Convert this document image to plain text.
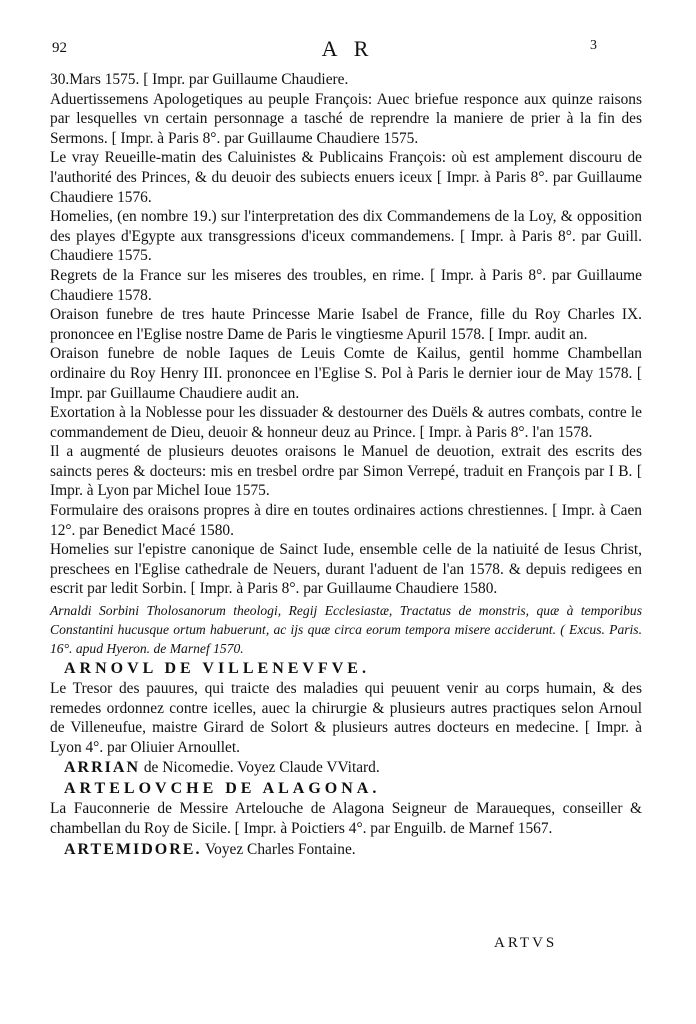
92	A R	3

30.Mars 1575. [ Impr. par Guillaume Chaudiere.

Aduertissemens Apologetiques au peuple François: Auec briefue responce aux quinze raisons par lesquelles vn certain personnage a tasché de reprendre la maniere de prier à la fin des Sermons. [ Impr. à Paris 8°. par Guillaume Chaudiere 1575.

Le vray Reueille-matin des Caluinistes & Publicains François: où est amplement discouru de l'authorité des Princes, & du deuoir des subiects enuers iceux [ Impr. à Paris 8°. par Guillaume Chaudiere 1576.

Homelies, (en nombre 19.) sur l'interpretation des dix Commandemens de la Loy, & opposition des playes d'Egypte aux transgressions d'iceux commandemens. [ Impr. à Paris 8°. par Guill. Chaudiere 1575.

Regrets de la France sur les miseres des troubles, en rime. [ Impr. à Paris 8°. par Guillaume Chaudiere 1578.

Oraison funebre de tres haute Princesse Marie Isabel de France, fille du Roy Charles IX. prononcee en l'Eglise nostre Dame de Paris le vingtiesme Apuril 1578. [ Impr. audit an.

Oraison funebre de noble Iaques de Leuis Comte de Kailus, gentil homme Chambellan ordinaire du Roy Henry III. prononcee en l'Eglise S. Pol à Paris le dernier iour de May 1578. [ Impr. par Guillaume Chaudiere audit an.

Exortation à la Noblesse pour les dissuader & destourner des Duëls & autres combats, contre le commandement de Dieu, deuoir & honneur deuz au Prince. [ Impr. à Paris 8°. l'an 1578.

Il a augmenté de plusieurs deuotes oraisons le Manuel de deuotion, extrait des escrits des saincts peres & docteurs: mis en tresbel ordre par Simon Verrepé, traduit en François par I B. [ Impr. à Lyon par Michel Ioue 1575.

Formulaire des oraisons propres à dire en toutes ordinaires actions chrestiennes. [ Impr. à Caen 12°. par Benedict Macé 1580.

Homelies sur l'epistre canonique de Sainct Iude, ensemble celle de la natiuité de Iesus Christ, preschees en l'Eglise cathedrale de Neuers, durant l'aduent de l'an 1578. & depuis redigees en escrit par ledit Sorbin. [ Impr. à Paris 8°. par Guillaume Chaudiere 1580.

Arnaldi Sorbini Tholosanorum theologi, Regij Ecclesiastæ, Tractatus de monstris, quæ à temporibus Constantini hucusque ortum habuerunt, ac ijs quæ circa eorum tempora misere acciderunt. ( Excus. Paris. 16°. apud Hyeron. de Marnef 1570.

ARNOVL DE VILLENEVFVE.

Le Tresor des pauures, qui traicte des maladies qui peuuent venir au corps humain, & des remedes ordonnez contre icelles, auec la chirurgie & plusieurs autres practiques selon Arnoul de Villeneufue, maistre Girard de Solort & plusieurs autres docteurs en medecine. [ Impr. à Lyon 4°. par Oliuier Arnoullet.

ARRIAN de Nicomedie. Voyez Claude VVitard.

ARTELOVCHE DE ALAGONA.

La Fauconnerie de Messire Artelouche de Alagona Seigneur de Maraueques, conseiller & chambellan du Roy de Sicile. [ Impr. à Poictiers 4°. par Enguilb. de Marnef 1567.

ARTEMIDORE. Voyez Charles Fontaine.

ARTVS
